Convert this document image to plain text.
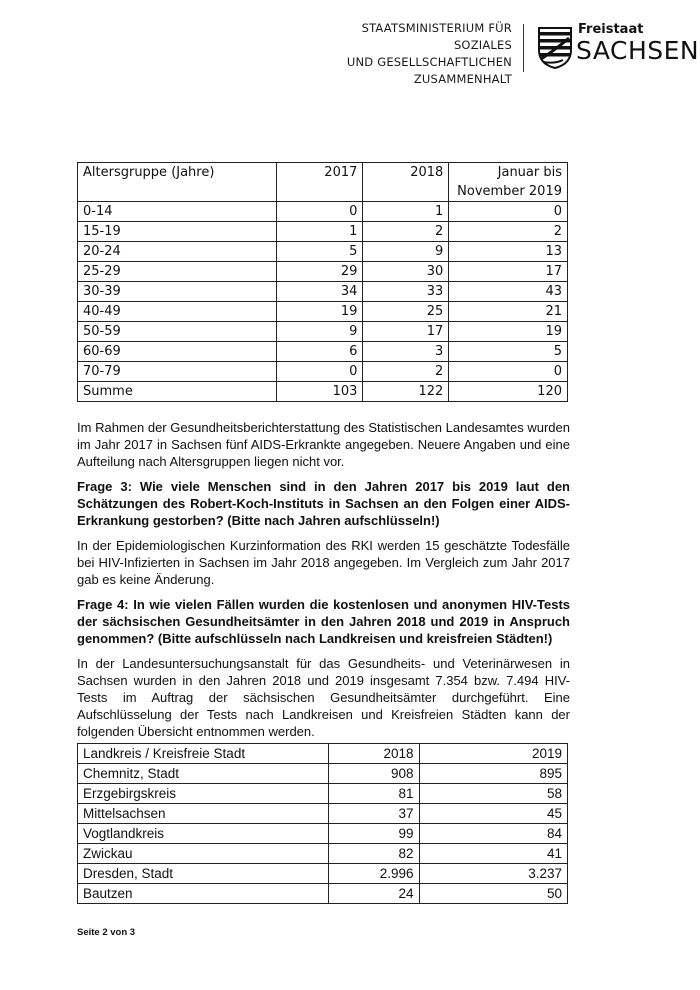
STAATSMINISTERIUM FÜR SOZIALES
UND GESELLSCHAFTLICHEN
ZUSAMMENHALT
Freistaat
SACHSEN
Altersgruppe (Jahre)	2017	2018	Januar bis
November 2019

0-14	0	1	0
15-19	1	2	2
20-24	5	9	13
25-29	29	30	17
30-39	34	33	43
40-49	19	25	21
50-59	9	17	19
60-69	6	3	5
70-79	0	2	0
Summe	103	122	120
Im Rahmen der Gesundheitsberichterstattung des Statistischen Landesamtes wurden im Jahr 2017 in Sachsen fünf AIDS-Erkrankte angegeben. Neuere Angaben und eine Aufteilung nach Altersgruppen liegen nicht vor.
Frage 3: Wie viele Menschen sind in den Jahren 2017 bis 2019 laut den Schätzungen des Robert-Koch-Instituts in Sachsen an den Folgen einer AIDS-Erkrankung gestorben? (Bitte nach Jahren aufschlüsseln!)
In der Epidemiologischen Kurzinformation des RKI werden 15 geschätzte Todesfälle bei HIV-Infizierten in Sachsen im Jahr 2018 angegeben. Im Vergleich zum Jahr 2017 gab es keine Änderung.
Frage 4: In wie vielen Fällen wurden die kostenlosen und anonymen HIV-Tests der sächsischen Gesundheitsämter in den Jahren 2018 und 2019 in Anspruch genommen? (Bitte aufschlüsseln nach Landkreisen und kreisfreien Städten!)
In der Landesuntersuchungsanstalt für das Gesundheits- und Veterinärwesen in Sachsen wurden in den Jahren 2018 und 2019 insgesamt 7.354 bzw. 7.494 HIV-Tests im Auftrag der sächsischen Gesundheitsämter durchgeführt. Eine Aufschlüsselung der Tests nach Landkreisen und Kreisfreien Städten kann der folgenden Übersicht entnommen werden.
Landkreis / Kreisfreie Stadt	2018	2019
Chemnitz, Stadt	908	895
Erzgebirgskreis	81	58
Mittelsachsen	37	45
Vogtlandkreis	99	84
Zwickau	82	41
Dresden, Stadt	2.996	3.237
Bautzen	24	50
Seite 2 von 3
